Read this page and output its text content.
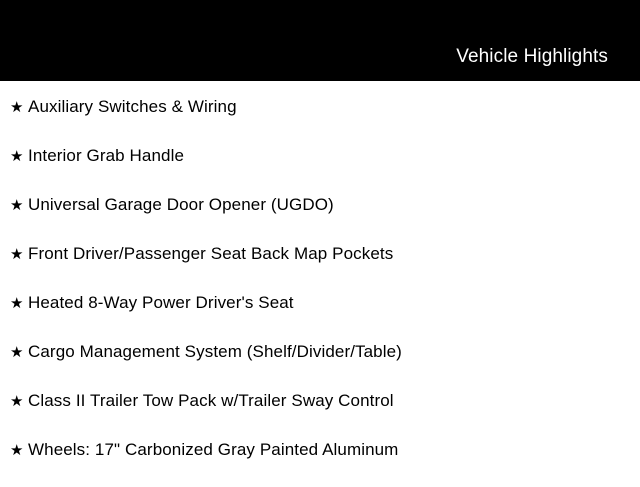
Vehicle Highlights
★ Auxiliary Switches & Wiring
★ Interior Grab Handle
★ Universal Garage Door Opener (UGDO)
★ Front Driver/Passenger Seat Back Map Pockets
★ Heated 8-Way Power Driver's Seat
★ Cargo Management System (Shelf/Divider/Table)
★ Class II Trailer Tow Pack w/Trailer Sway Control
★ Wheels: 17" Carbonized Gray Painted Aluminum
